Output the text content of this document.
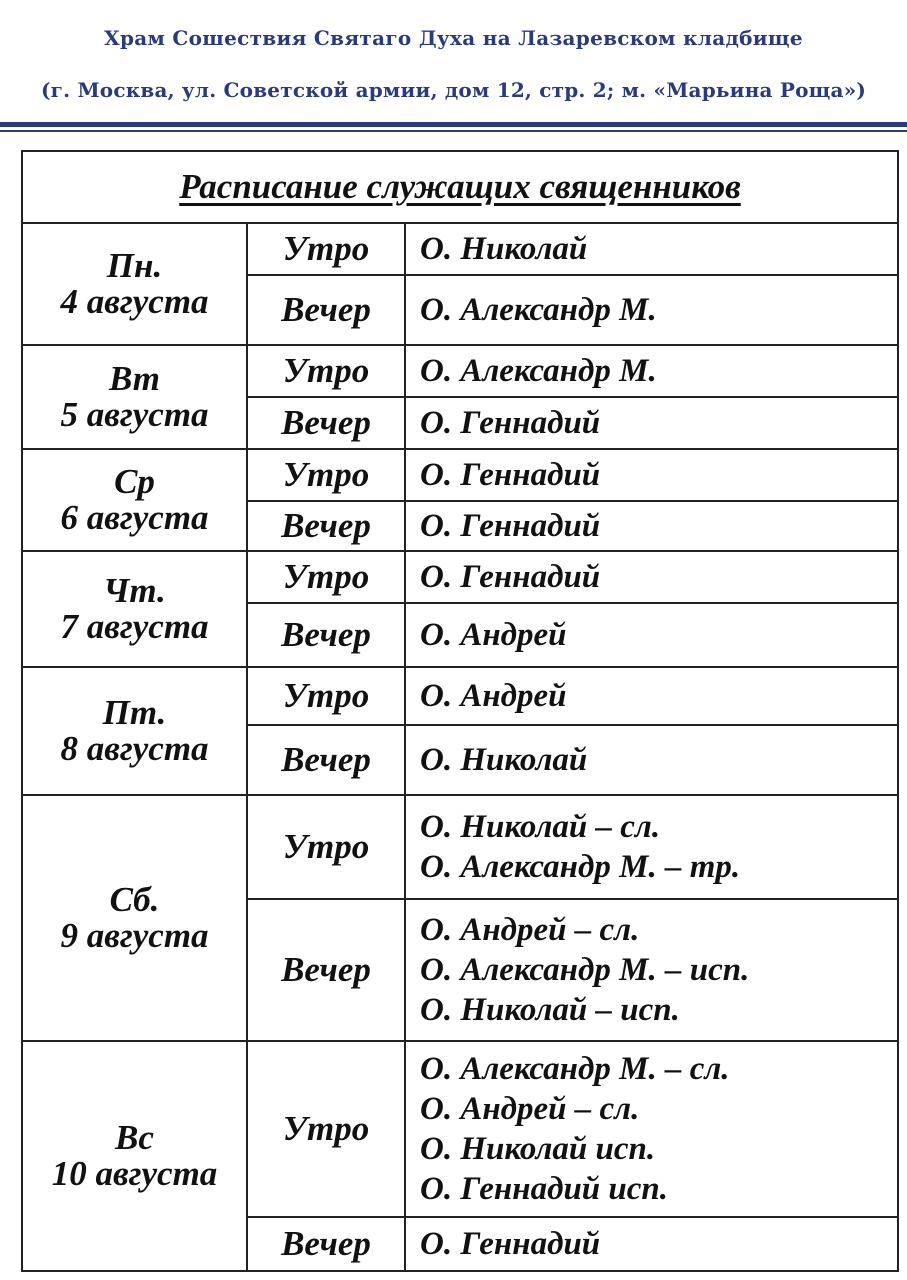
Храм Сошествия Святаго Духа на Лазаревском кладбище
(г. Москва, ул. Советской армии, дом 12, стр. 2; м. «Марьина Роща»)
Расписание служащих священников		

Пн.
4 августа	Утро	О. Николай

	Вечер	О. Александр М.

Вт
5 августа	Утро	О. Александр М.

	Вечер	О. Геннадий

Ср
6 августа	Утро	О. Геннадий

	Вечер	О. Геннадий

Чт.
7 августа	Утро	О. Геннадий

	Вечер	О. Андрей

Пт.
8 августа	Утро	О. Андрей

	Вечер	О. Николай

Сб.
9 августа	Утро	О. Николай – сл.
О. Александр М. – тр.

	Вечер	О. Андрей – сл.
О. Александр М. – исп.
О. Николай – исп.

Вс
10 августа	Утро	О. Александр М. – сл.
О. Андрей – сл.
О. Николай исп.
О. Геннадий исп.

	Вечер	О. Геннадий
